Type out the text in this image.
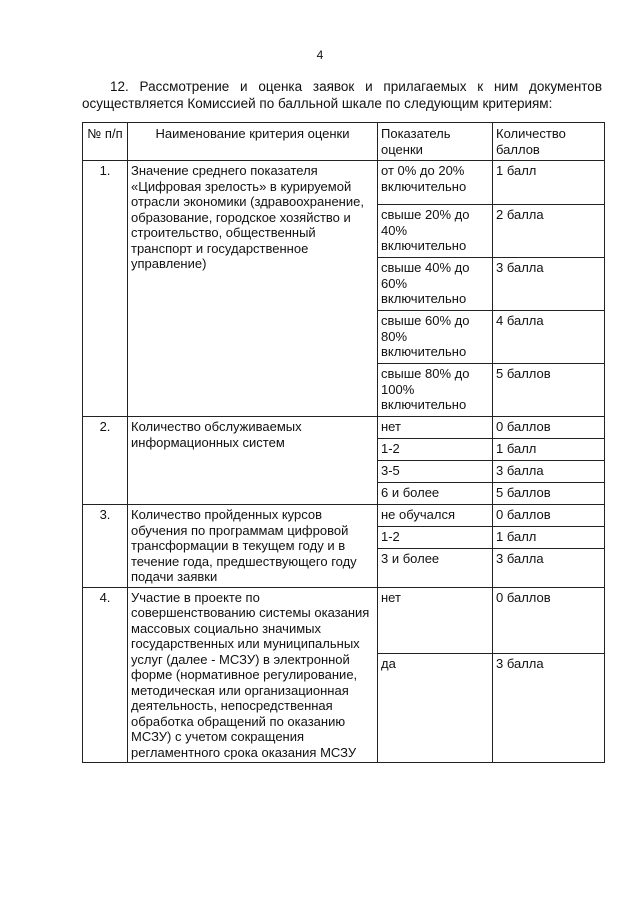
4
12. Рассмотрение и оценка заявок и прилагаемых к ним документов осуществляется Комиссией по балльной шкале по следующим критериям:
№ п/п	Наименование критерия оценки	Показатель оценки	Количество баллов
1.	Значение среднего показателя «Цифровая зрелость» в курируемой отрасли экономики (здравоохранение, образование, городское хозяйство и строительство, общественный транспорт и государственное управление)	от 0% до 20% включительно	1 балл
		свыше 20% до 40% включительно	2 балла
		свыше 40% до 60% включительно	3 балла
		свыше 60% до 80% включительно	4 балла
		свыше 80% до 100% включительно	5 баллов
2.	Количество обслуживаемых информационных систем	нет	0 баллов
		1-2	1 балл
		3-5	3 балла
		6 и более	5 баллов
3.	Количество пройденных курсов обучения по программам цифровой трансформации в текущем году и в течение года, предшествующего году подачи заявки	не обучался	0 баллов
		1-2	1 балл
		3 и более	3 балла
4.	Участие в проекте по совершенствованию системы оказания массовых социально значимых государственных или муниципальных услуг (далее - МСЗУ) в электронной форме (нормативное регулирование, методическая или организационная деятельность, непосредственная обработка обращений по оказанию МСЗУ) с учетом сокращения регламентного срока оказания МСЗУ	нет	0 баллов
		да	3 балла
